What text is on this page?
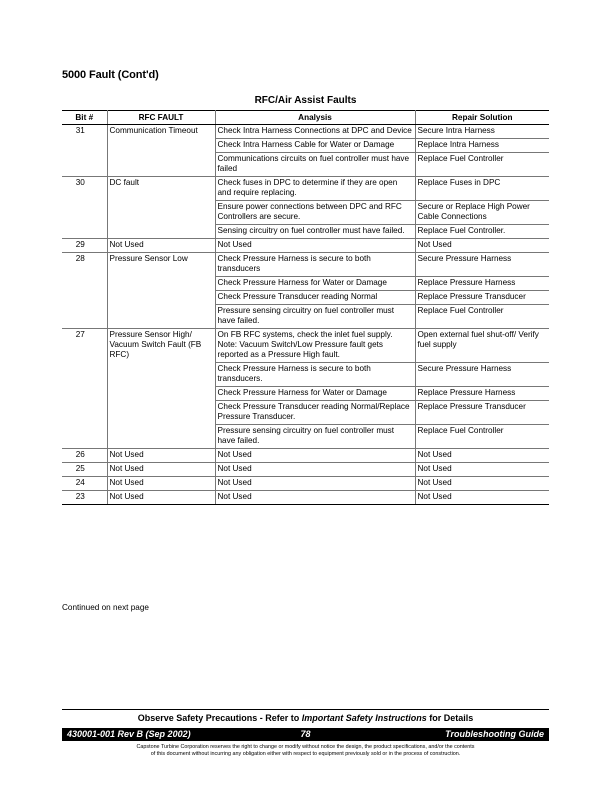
5000 Fault (Cont'd)
RFC/Air Assist Faults
Bit #	RFC FAULT	Analysis	Repair Solution
31	Communication Timeout	Check Intra Harness Connections at DPC and Device	Secure Intra Harness
		Check Intra Harness Cable for Water or Damage	Replace Intra Harness
		Communications circuits on fuel controller must have failed	Replace Fuel Controller
30	DC fault	Check fuses in DPC to determine if they are open and require replacing.	Replace Fuses in DPC
		Ensure power connections between DPC and RFC Controllers are secure.	Secure or Replace High Power Cable Connections
		Sensing circuitry on fuel controller must have failed.	Replace Fuel Controller.
29	Not Used	Not Used	Not Used
28	Pressure Sensor Low	Check Pressure Harness is secure to both transducers	Secure Pressure Harness
		Check Pressure Harness for Water or Damage	Replace Pressure Harness
		Check Pressure Transducer reading Normal	Replace Pressure Transducer
		Pressure sensing circuitry on fuel controller must have failed.	Replace Fuel Controller
27	Pressure Sensor High/ Vacuum Switch Fault (FB RFC)	On FB RFC systems, check the inlet fuel supply. Note: Vacuum Switch/Low Pressure fault gets reported as a Pressure High fault.	Open external fuel shut-off/ Verify fuel supply
		Check Pressure Harness is secure to both transducers.	Secure Pressure Harness
		Check Pressure Harness for Water or Damage	Replace Pressure Harness
		Check Pressure Transducer reading Normal/Replace Pressure Transducer.	Replace Pressure Transducer
		Pressure sensing circuitry on fuel controller must have failed.	Replace Fuel Controller
26	Not Used	Not Used	Not Used
25	Not Used	Not Used	Not Used
24	Not Used	Not Used	Not Used
23	Not Used	Not Used	Not Used
Continued on next page
Observe Safety Precautions - Refer to Important Safety Instructions for Details
430001-001 Rev B (Sep 2002)	78	Troubleshooting Guide
Capstone Turbine Corporation reserves the right to change or modify without notice the design, the product specifications, and/or the contents
of this document without incurring any obligation either with respect to equipment previously sold or in the process of construction.
